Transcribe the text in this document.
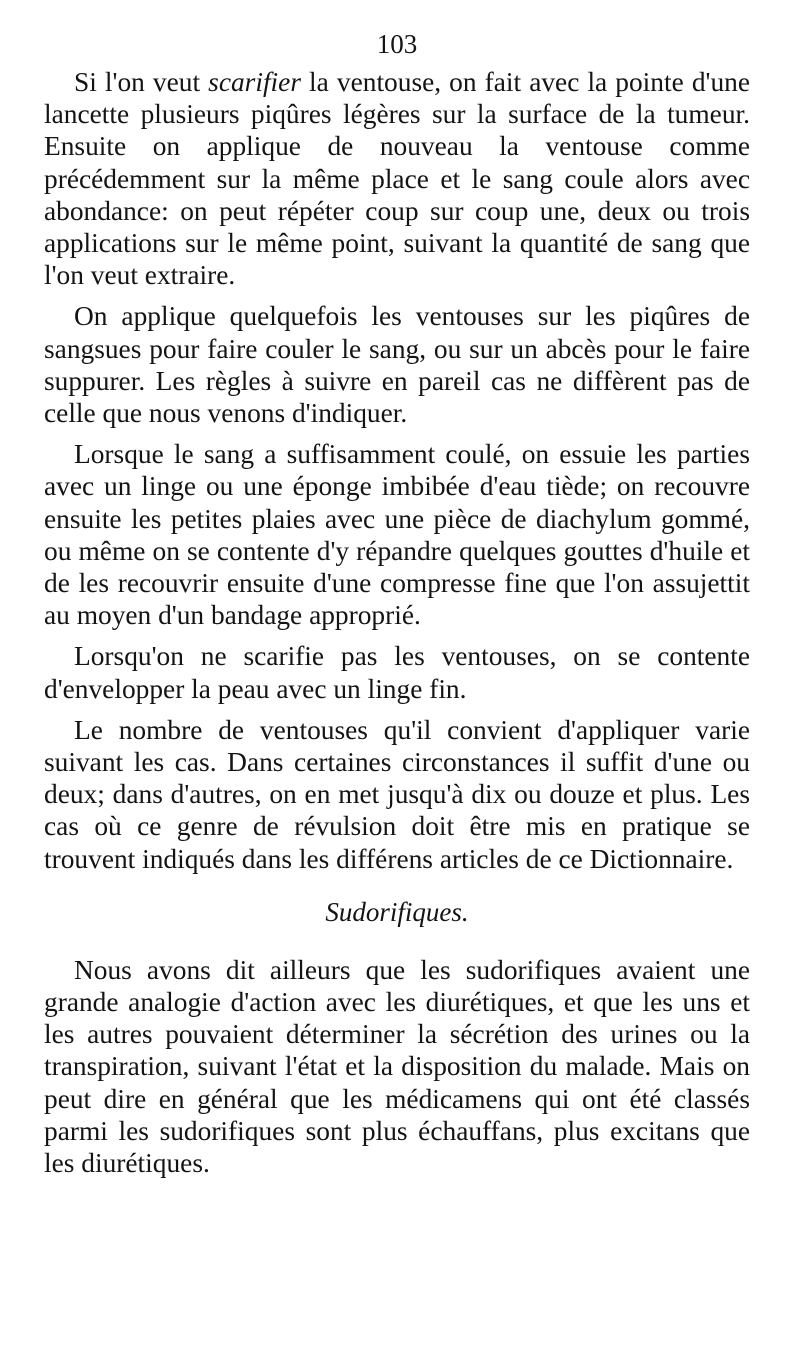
103

Si l'on veut scarifier la ventouse, on fait avec la pointe d'une lancette plusieurs piqûres légères sur la surface de la tumeur. Ensuite on applique de nouveau la ventouse comme précédemment sur la même place et le sang coule alors avec abondance: on peut répéter coup sur coup une, deux ou trois applications sur le même point, suivant la quantité de sang que l'on veut extraire.

On applique quelquefois les ventouses sur les piqûres de sangsues pour faire couler le sang, ou sur un abcès pour le faire suppurer. Les règles à suivre en pareil cas ne diffèrent pas de celle que nous venons d'indiquer.

Lorsque le sang a suffisamment coulé, on essuie les parties avec un linge ou une éponge imbibée d'eau tiède; on recouvre ensuite les petites plaies avec une pièce de diachylum gommé, ou même on se contente d'y répandre quelques gouttes d'huile et de les recouvrir ensuite d'une compresse fine que l'on assujettit au moyen d'un bandage approprié.

Lorsqu'on ne scarifie pas les ventouses, on se contente d'envelopper la peau avec un linge fin.

Le nombre de ventouses qu'il convient d'appliquer varie suivant les cas. Dans certaines circonstances il suffit d'une ou deux; dans d'autres, on en met jusqu'à dix ou douze et plus. Les cas où ce genre de révulsion doit être mis en pratique se trouvent indiqués dans les différens articles de ce Dictionnaire.

Sudorifiques.

Nous avons dit ailleurs que les sudorifiques avaient une grande analogie d'action avec les diurétiques, et que les uns et les autres pouvaient déterminer la sécrétion des urines ou la transpiration, suivant l'état et la disposition du malade. Mais on peut dire en général que les médicamens qui ont été classés parmi les sudorifiques sont plus échauffans, plus excitans que les diurétiques.
